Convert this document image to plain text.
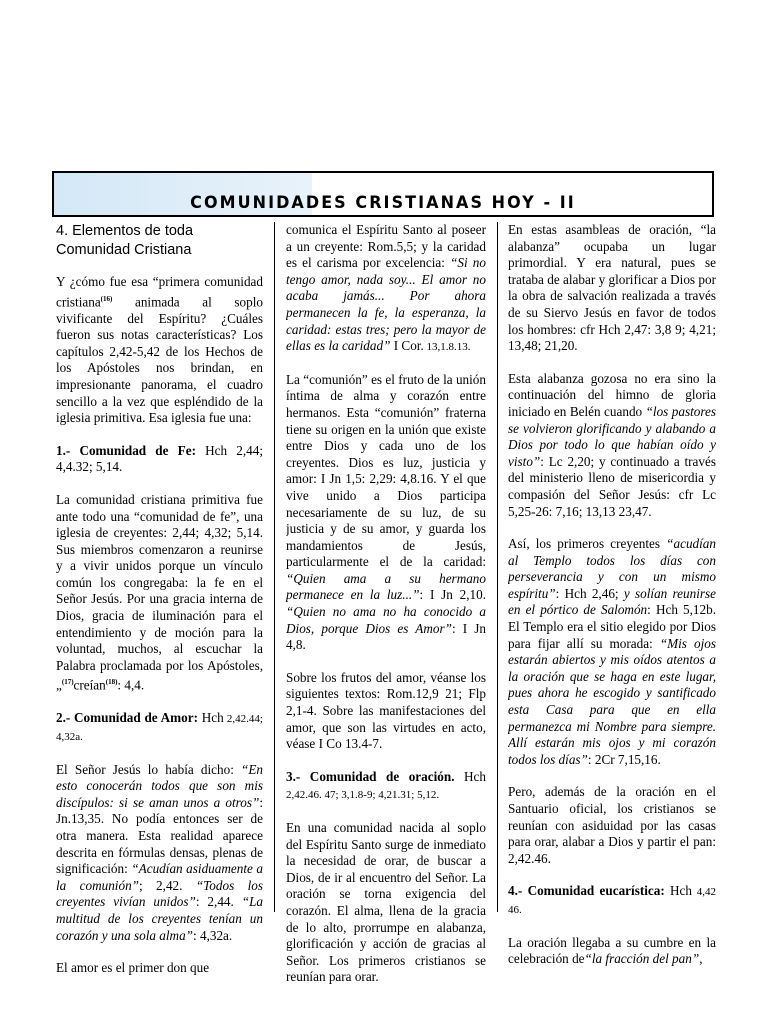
COMUNIDADES CRISTIANAS HOY - II
4. Elementos de toda Comunidad Cristiana

Y ¿cómo fue esa “primera comunidad cristiana$^{(16)}$ animada al soplo vivificante del Espíritu? ¿Cuáles fueron sus notas características? Los capítulos 2,42-5,42 de los Hechos de los Apóstoles nos brindan, en impresionante panorama, el cuadro sencillo a la vez que espléndido de la iglesia primitiva. Esa iglesia fue una:

1.- Comunidad de Fe: Hch 2,44; 4,4.32; 5,14.

La comunidad cristiana primitiva fue ante todo una “comunidad de fe”, una iglesia de creyentes: 2,44; 4,32; 5,14. Sus miembros comenzaron a reunirse y a vivir unidos porque un vínculo común los congregaba: la fe en el Señor Jesús. Por una gracia interna de Dios, gracia de iluminación para el entendimiento y de moción para la voluntad, muchos, al escuchar la Palabra proclamada por los Apóstoles, „$^{(17)}$creían$^{(18)}$: 4,4.

2.- Comunidad de Amor: Hch 2,42.44; 4,32a.

El Señor Jesús lo había dicho: “En esto conocerán todos que son mis discípulos: si se aman unos a otros”: Jn.13,35. No podía entonces ser de otra manera. Esta realidad aparece descrita en fórmulas densas, plenas de significación: “Acudían asiduamente a la comunión”; 2,42. “Todos los creyentes vivían unidos”: 2,44. “La multitud de los creyentes tenían un corazón y una sola alma”: 4,32a.

El amor es el primer don que

comunica el Espíritu Santo al poseer a un creyente: Rom.5,5; y la caridad es el carisma por excelencia: “Si no tengo amor, nada soy... El amor no acaba jamás... Por ahora permanecen la fe, la esperanza, la caridad: estas tres; pero la mayor de ellas es la caridad” I Cor. 13,1.8.13.

La “comunión” es el fruto de la unión íntima de alma y corazón entre hermanos. Esta “comunión” fraterna tiene su origen en la unión que existe entre Dios y cada uno de los creyentes. Dios es luz, justicia y amor: I Jn 1,5: 2,29: 4,8.16. Y el que vive unido a Dios participa necesariamente de su luz, de su justicia y de su amor, y guarda los mandamientos de Jesús, particularmente el de la caridad: “Quien ama a su hermano permanece en la luz...”: I Jn 2,10. “Quien no ama no ha conocido a Dios, porque Dios es Amor”: I Jn 4,8.

Sobre los frutos del amor, véanse los siguientes textos: Rom.12,9 21; Flp 2,1-4. Sobre las manifestaciones del amor, que son las virtudes en acto, véase I Co 13.4-7.

3.- Comunidad de oración. Hch 2,42.46. 47; 3,1.8-9; 4,21.31; 5,12.

En una comunidad nacida al soplo del Espíritu Santo surge de inmediato la necesidad de orar, de buscar a Dios, de ir al encuentro del Señor. La oración se torna exigencia del corazón. El alma, llena de la gracia de lo alto, prorrumpe en alabanza, glorificación y acción de gracias al Señor. Los primeros cristianos se reunían para orar.

En estas asambleas de oración, “la alabanza” ocupaba un lugar primordial. Y era natural, pues se trataba de alabar y glorificar a Dios por la obra de salvación realizada a través de su Siervo Jesús en favor de todos los hombres: cfr Hch 2,47: 3,8 9; 4,21; 13,48; 21,20.

Esta alabanza gozosa no era sino la continuación del himno de gloria iniciado en Belén cuando “los pastores se volvieron glorificando y alabando a Dios por todo lo que habían oído y visto”: Lc 2,20; y continuado a través del ministerio lleno de misericordia y compasión del Señor Jesús: cfr Lc 5,25-26: 7,16; 13,13 23,47.

Así, los primeros creyentes “acudían al Templo todos los días con perseverancia y con un mismo espíritu”: Hch 2,46; y solían reunirse en el pórtico de Salomón: Hch 5,12b. El Templo era el sitio elegido por Dios para fijar allí su morada: “Mis ojos estarán abiertos y mis oídos atentos a la oración que se haga en este lugar, pues ahora he escogido y santificado esta Casa para que en ella permanezca mi Nombre para siempre. Allí estarán mis ojos y mi corazón todos los días”: 2Cr 7,15,16.

Pero, además de la oración en el Santuario oficial, los cristianos se reunían con asiduidad por las casas para orar, alabar a Dios y partir el pan: 2,42.46.

4.- Comunidad eucarística: Hch 4,42 46.

La oración llegaba a su cumbre en la celebración de“la fracción del pan”,
